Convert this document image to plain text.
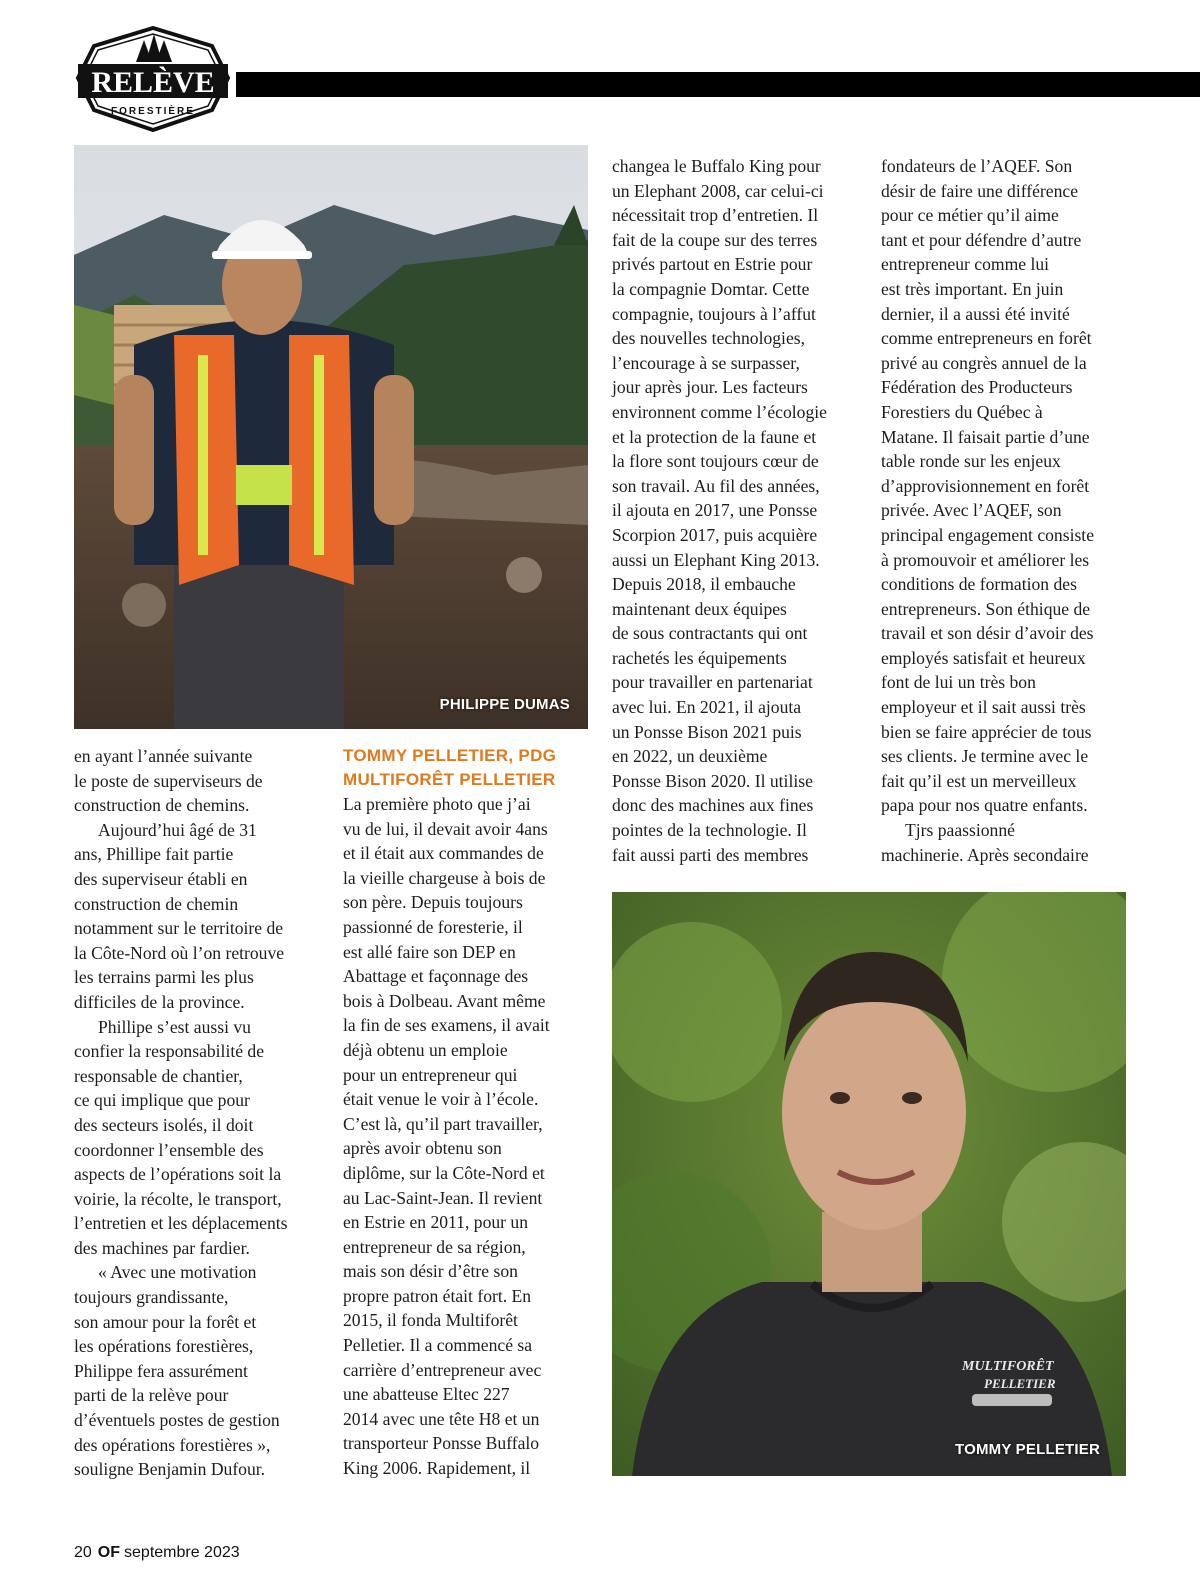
RELÈVE
FORESTIÈRE
PHILIPPE DUMAS
MULTIFORÊT
PELLETIER
TOMMY PELLETIER
en ayant l’année suivante
le poste de superviseurs de
construction de chemins.
Aujourd’hui âgé de 31
ans, Phillipe fait partie
des superviseur établi en
construction de chemin
notamment sur le territoire de
la Côte-Nord où l’on retrouve
les terrains parmi les plus
difficiles de la province.
Phillipe s’est aussi vu
confier la responsabilité de
responsable de chantier,
ce qui implique que pour
des secteurs isolés, il doit
coordonner l’ensemble des
aspects de l’opérations soit la
voirie, la récolte, le transport,
l’entretien et les déplacements
des machines par fardier.
« Avec une motivation
toujours grandissante,
son amour pour la forêt et
les opérations forestières,
Philippe fera assurément
parti de la relève pour
d’éventuels postes de gestion
des opérations forestières »,
souligne Benjamin Dufour.
TOMMY PELLETIER, PDG
MULTIFORÊT PELLETIER
La première photo que j’ai
vu de lui, il devait avoir 4ans
et il était aux commandes de
la vieille chargeuse à bois de
son père. Depuis toujours
passionné de foresterie, il
est allé faire son DEP en
Abattage et façonnage des
bois à Dolbeau. Avant même
la fin de ses examens, il avait
déjà obtenu un emploie
pour un entrepreneur qui
était venue le voir à l’école.
C’est là, qu’il part travailler,
après avoir obtenu son
diplôme, sur la Côte-Nord et
au Lac-Saint-Jean. Il revient
en Estrie en 2011, pour un
entrepreneur de sa région,
mais son désir d’être son
propre patron était fort. En
2015, il fonda Multiforêt
Pelletier. Il a commencé sa
carrière d’entrepreneur avec
une abatteuse Eltec 227
2014 avec une tête H8 et un
transporteur Ponsse Buffalo
King 2006. Rapidement, il
changea le Buffalo King pour
un Elephant 2008, car celui-ci
nécessitait trop d’entretien. Il
fait de la coupe sur des terres
privés partout en Estrie pour
la compagnie Domtar. Cette
compagnie, toujours à l’affut
des nouvelles technologies,
l’encourage à se surpasser,
jour après jour. Les facteurs
environnent comme l’écologie
et la protection de la faune et
la flore sont toujours cœur de
son travail. Au fil des années,
il ajouta en 2017, une Ponsse
Scorpion 2017, puis acquière
aussi un Elephant King 2013.
Depuis 2018, il embauche
maintenant deux équipes
de sous contractants qui ont
rachetés les équipements
pour travailler en partenariat
avec lui. En 2021, il ajouta
un Ponsse Bison 2021 puis
en 2022, un deuxième
Ponsse Bison 2020. Il utilise
donc des machines aux fines
pointes de la technologie. Il
fait aussi parti des membres
fondateurs de l’AQEF. Son
désir de faire une différence
pour ce métier qu’il aime
tant et pour défendre d’autre
entrepreneur comme lui
est très important. En juin
dernier, il a aussi été invité
comme entrepreneurs en forêt
privé au congrès annuel de la
Fédération des Producteurs
Forestiers du Québec à
Matane. Il faisait partie d’une
table ronde sur les enjeux
d’approvisionnement en forêt
privée. Avec l’AQEF, son
principal engagement consiste
à promouvoir et améliorer les
conditions de formation des
entrepreneurs. Son éthique de
travail et son désir d’avoir des
employés satisfait et heureux
font de lui un très bon
employeur et il sait aussi très
bien se faire apprécier de tous
ses clients. Je termine avec le
fait qu’il est un merveilleux
papa pour nos quatre enfants.
Tjrs paassionné
machinerie. Après secondaire
20 OF septembre 2023
